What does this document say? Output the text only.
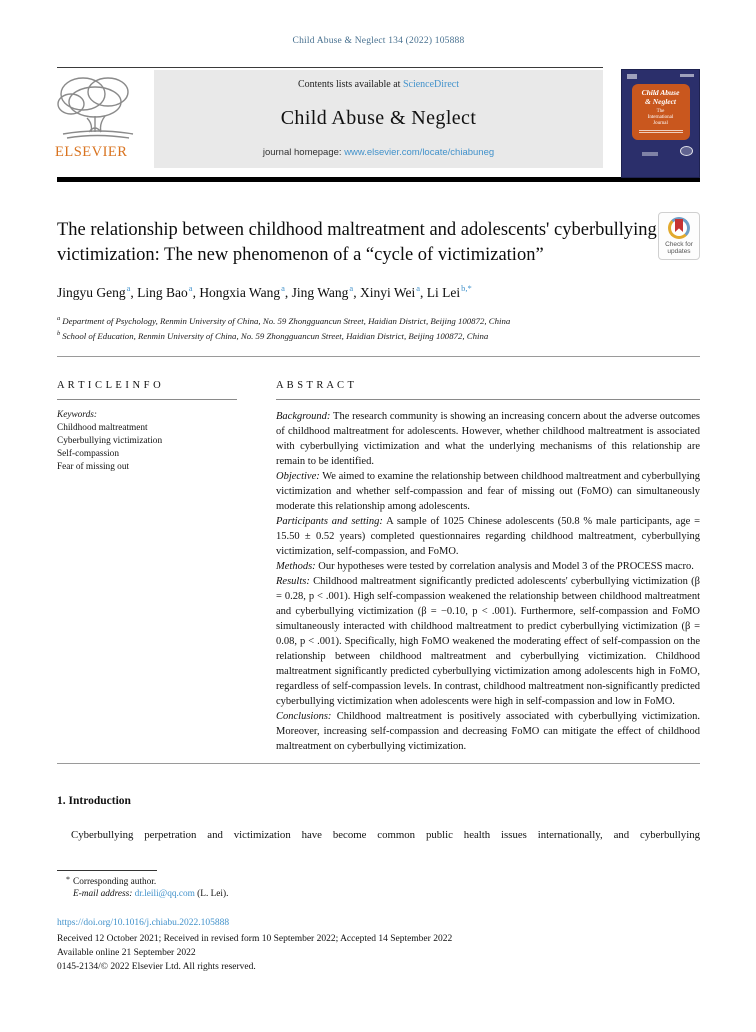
Child Abuse & Neglect 134 (2022) 105888
ELSEVIER
Contents lists available at ScienceDirect
Child Abuse & Neglect
journal homepage: www.elsevier.com/locate/chiabuneg
Child Abuse
& Neglect
The
International
Journal
Check for
updates
The relationship between childhood maltreatment and adolescents' cyberbullying victimization: The new phenomenon of a “cycle of victimization”
Jingyu Geng$^a$, Ling Bao$^a$, Hongxia Wang$^a$, Jing Wang$^a$, Xinyi Wei$^a$, Li Lei$^{b,*}$
$^a$ Department of Psychology, Renmin University of China, No. 59 Zhongguancun Street, Haidian District, Beijing 100872, China
$^b$ School of Education, Renmin University of China, No. 59 Zhongguancun Street, Haidian District, Beijing 100872, China
A R T I C L E I N F O
Keywords:
Childhood maltreatment
Cyberbullying victimization
Self-compassion
Fear of missing out
A B S T R A C T
Background: The research community is showing an increasing concern about the adverse outcomes of childhood maltreatment for adolescents. However, whether childhood maltreatment is associated with cyberbullying victimization and what the underlying mechanisms of this relationship are remain to be identified.
Objective: We aimed to examine the relationship between childhood maltreatment and cyberbullying victimization and whether self-compassion and fear of missing out (FoMO) can simultaneously moderate this relationship among adolescents.
Participants and setting: A sample of 1025 Chinese adolescents (50.8 % male participants, age = 15.50 ± 0.52 years) completed questionnaires regarding childhood maltreatment, cyberbullying victimization, self-compassion, and FoMO.
Methods: Our hypotheses were tested by correlation analysis and Model 3 of the PROCESS macro.
Results: Childhood maltreatment significantly predicted adolescents' cyberbullying victimization (β = 0.28, p < .001). High self-compassion weakened the relationship between childhood maltreatment and cyberbullying victimization (β = −0.10, p < .001). Furthermore, self-compassion and FoMO simultaneously interacted with childhood maltreatment to predict cyberbullying victimization (β = 0.08, p < .001). Specifically, high FoMO weakened the moderating effect of self-compassion on the relationship between childhood maltreatment and cyberbullying victimization. Childhood maltreatment significantly predicted cyberbullying victimization among adolescents high in FoMO, regardless of self-compassion levels. In contrast, childhood maltreatment non-significantly predicted cyberbullying victimization when adolescents were high in self-compassion and low in FoMO.
Conclusions: Childhood maltreatment is positively associated with cyberbullying victimization. Moreover, increasing self-compassion and decreasing FoMO can mitigate the effect of childhood maltreatment on cyberbullying victimization.
1. Introduction
Cyberbullying perpetration and victimization have become common public health issues internationally, and cyberbullying
* Corresponding author.
E-mail address: dr.leili@qq.com (L. Lei).
https://doi.org/10.1016/j.chiabu.2022.105888
Received 12 October 2021; Received in revised form 10 September 2022; Accepted 14 September 2022
Available online 21 September 2022
0145-2134/© 2022 Elsevier Ltd. All rights reserved.
